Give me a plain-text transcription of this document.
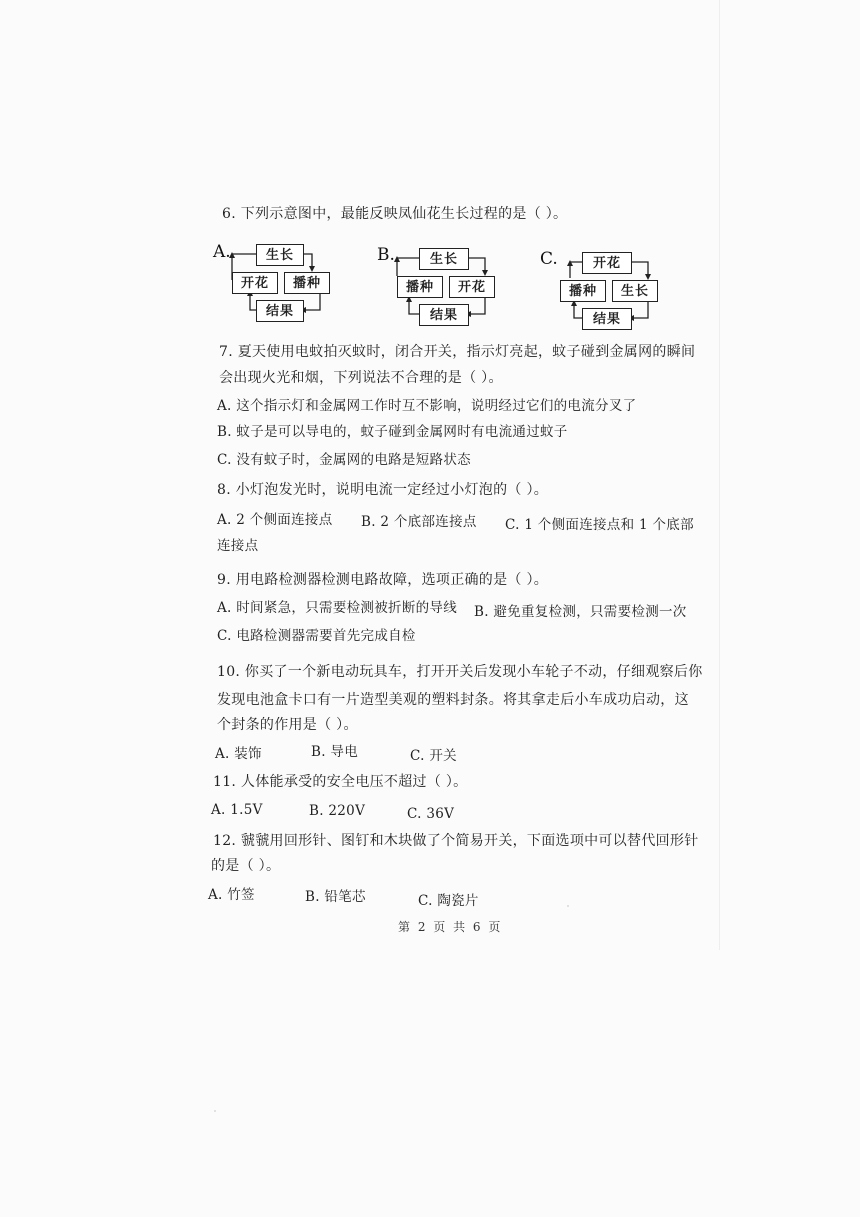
6. 下列示意图中，最能反映凤仙花生长过程的是（ ）。
A.	生长
开花	播种
结果
B.	生长
播种	开花
结果
C.	开花
播种	生长
结果
7. 夏天使用电蚊拍灭蚊时，闭合开关，指示灯亮起，蚊子碰到金属网的瞬间
会出现火光和烟，下列说法不合理的是（ ）。
A. 这个指示灯和金属网工作时互不影响，说明经过它们的电流分叉了
B. 蚊子是可以导电的，蚊子碰到金属网时有电流通过蚊子
C. 没有蚊子时，金属网的电路是短路状态
8. 小灯泡发光时，说明电流一定经过小灯泡的（ ）。
A. 2 个侧面连接点 B. 2 个底部连接点 C. 1 个侧面连接点和 1 个底部
连接点
9. 用电路检测器检测电路故障，选项正确的是（ ）。
A. 时间紧急，只需要检测被折断的导线 B. 避免重复检测，只需要检测一次
C. 电路检测器需要首先完成自检
10. 你买了一个新电动玩具车，打开开关后发现小车轮子不动，仔细观察后你
发现电池盒卡口有一片造型美观的塑料封条。将其拿走后小车成功启动，这
个封条的作用是（ ）。
A. 装饰	B. 导电	C. 开关
11. 人体能承受的安全电压不超过（ ）。
A. 1.5V	B. 220V	C. 36V
12. 虢虢用回形针、图钉和木块做了个简易开关，下面选项中可以替代回形针
的是（ ）。
A. 竹签	B. 铅笔芯	C. 陶瓷片
第 2 页 共 6 页
